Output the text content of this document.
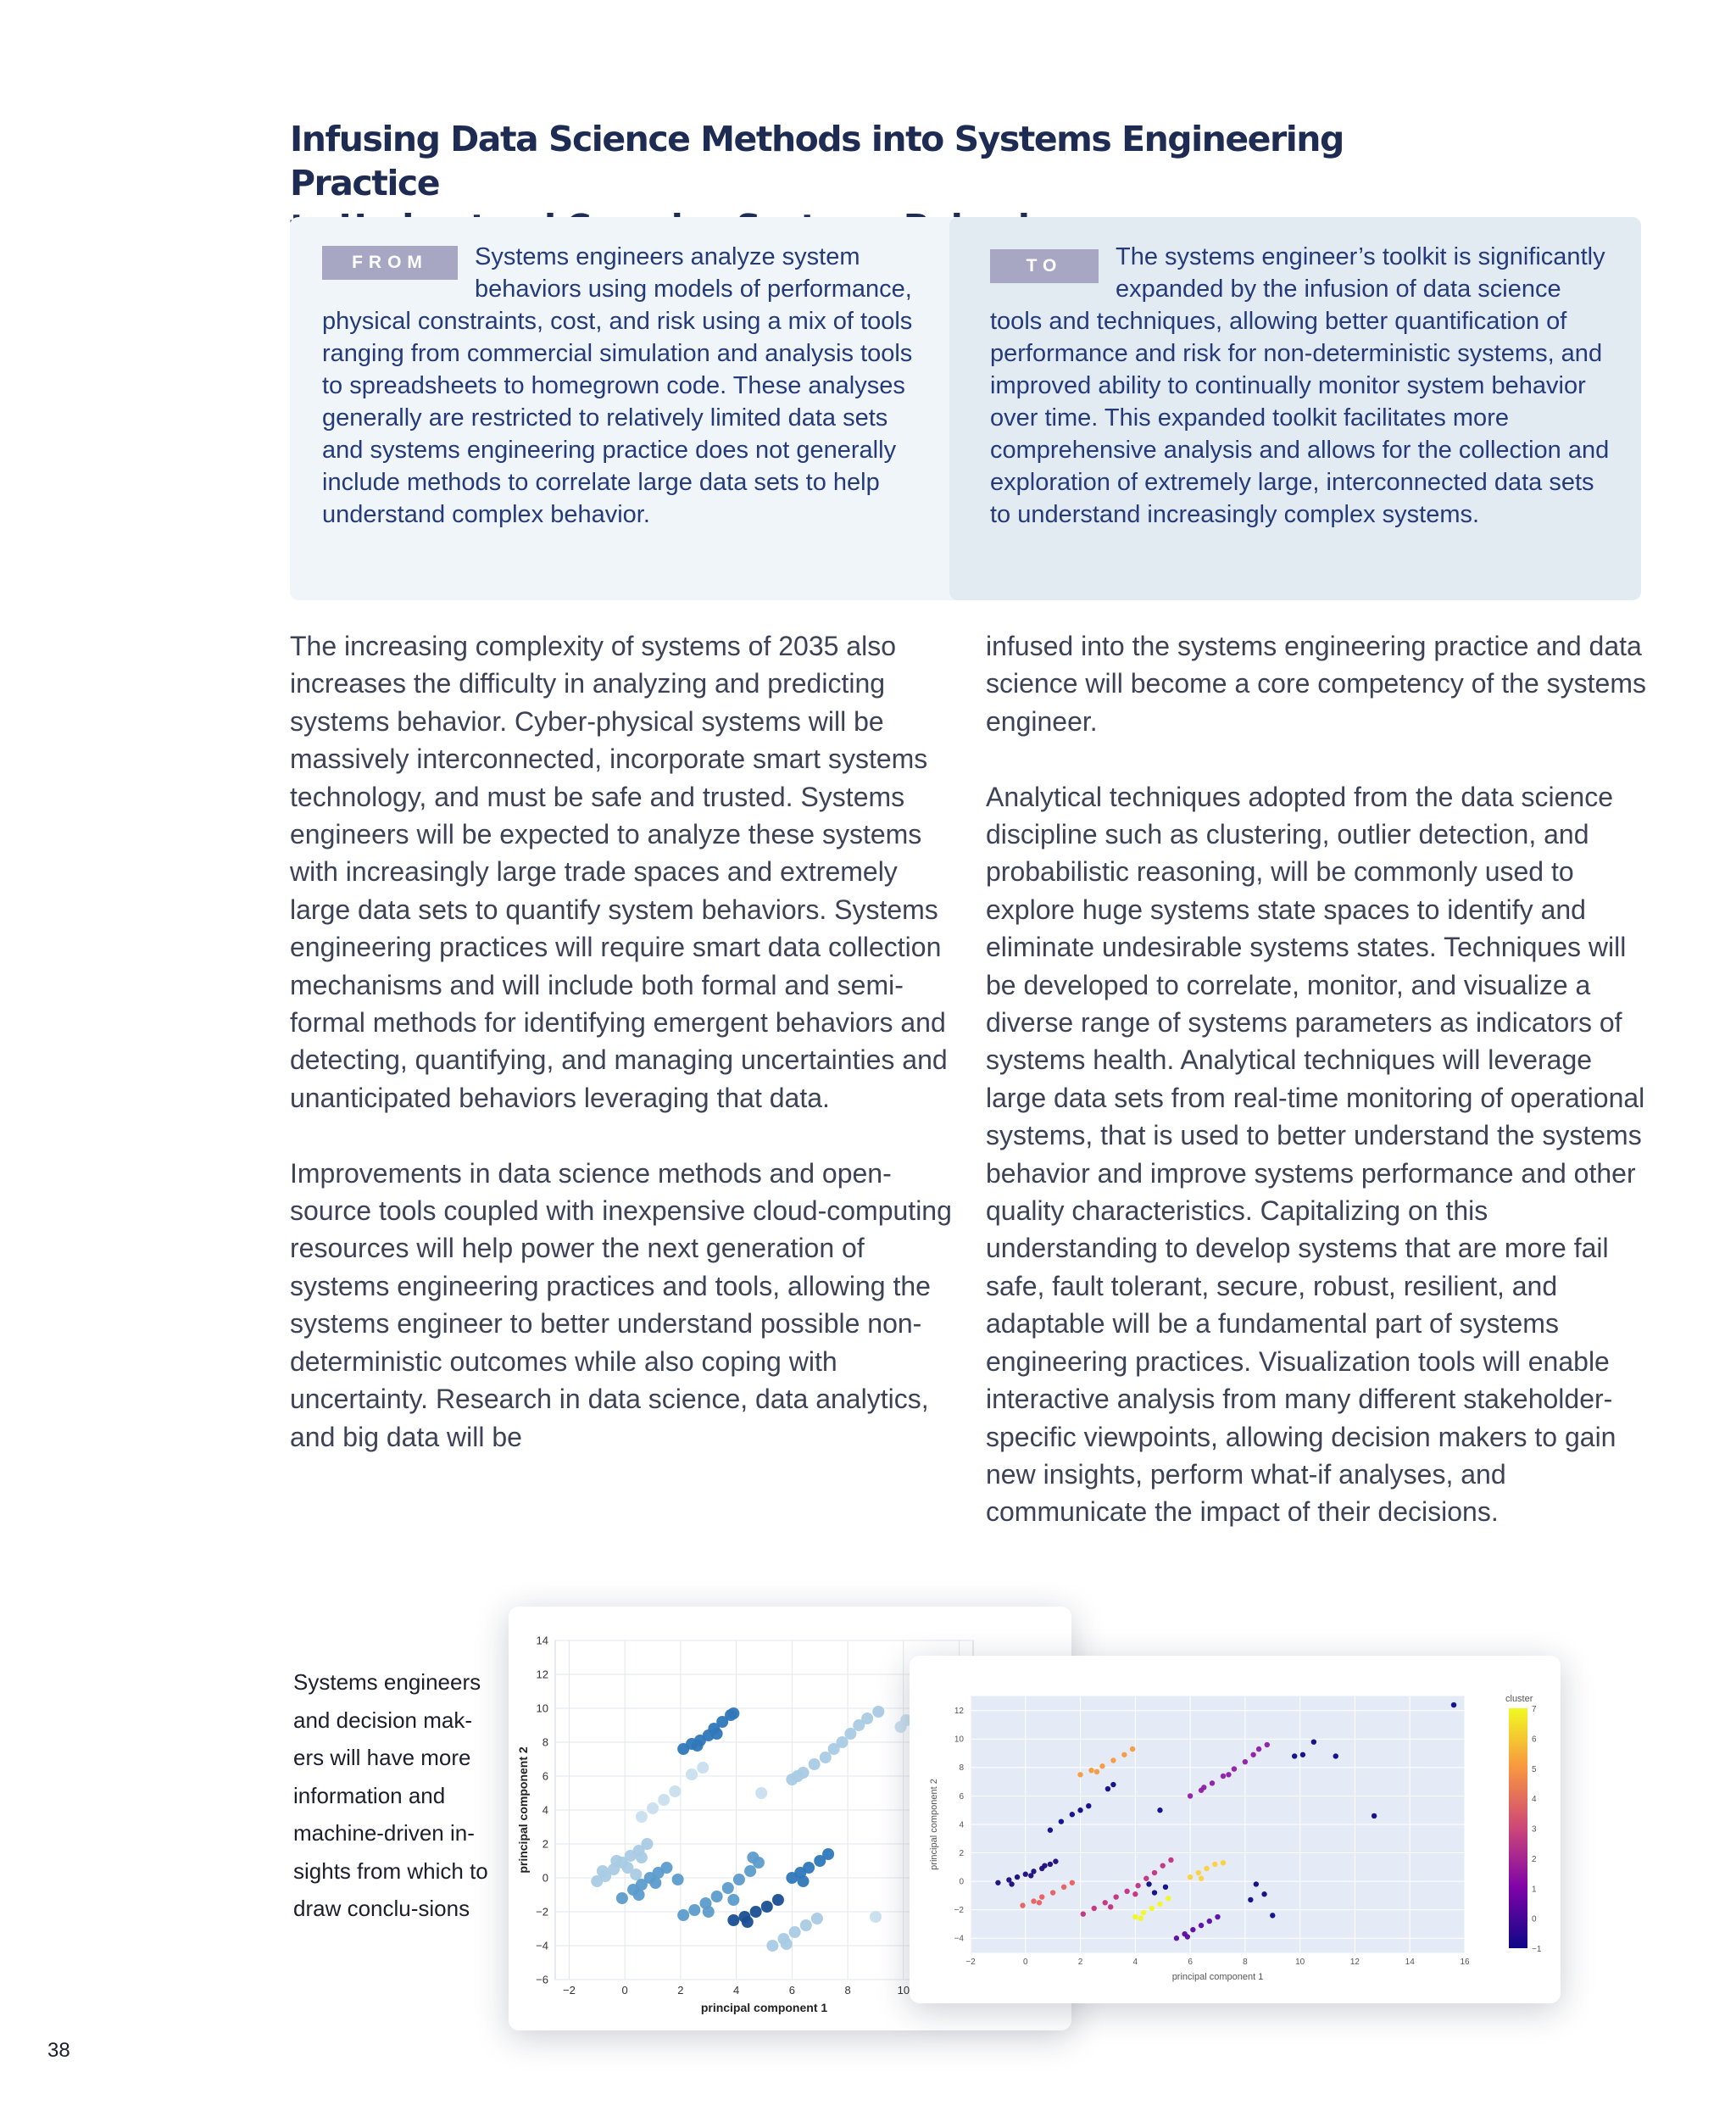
Infusing Data Science Methods into Systems Engineering Practice
FROM	Systems engineers analyze system behaviors using models of performance, physical constraints, cost, and risk using a mix of tools ranging from commercial simulation and analysis tools to spreadsheets to homegrown code. These analyses generally are restricted to relatively limited data sets and systems engineering practice does not generally include methods to correlate large data sets to help understand complex behavior.
TO	The systems engineer’s toolkit is significantly expanded by the infusion of data science tools and techniques, allowing better quantification of performance and risk for non-deterministic systems, and improved ability to continually monitor system behavior over time. This expanded toolkit facilitates more comprehensive analysis and allows for the collection and exploration of extremely large, interconnected data sets to understand increasingly complex systems.

The increasing complexity of systems of 2035 also increases the difficulty in analyzing and predicting systems behavior. Cyber-physical systems will be massively interconnected, incorporate smart systems technology, and must be safe and trusted. Systems engineers will be expected to analyze these systems with increasingly large trade spaces and extremely large data sets to quantify system behaviors. Systems engineering practices will require smart data collection mechanisms and will include both formal and semi-formal methods for identifying emergent behaviors and detecting, quantifying, and managing uncertainties and unanticipated behaviors leveraging that data.

Improvements in data science methods and open-source tools coupled with inexpensive cloud-computing resources will help power the next generation of systems engineering practices and tools, allowing the systems engineer to better understand possible non-deterministic outcomes while also coping with uncertainty. Research in data science, data analytics, and big data will be

infused into the systems engineering practice and data science will become a core competency of the systems engineer.

Analytical techniques adopted from the data science discipline such as clustering, outlier detection, and probabilistic reasoning, will be commonly used to explore huge systems state spaces to identify and eliminate undesirable systems states. Techniques will be developed to correlate, monitor, and visualize a diverse range of systems parameters as indicators of systems health. Analytical techniques will leverage large data sets from real-time monitoring of operational systems, that is used to better understand the systems behavior and improve systems performance and other quality characteristics. Capitalizing on this understanding to develop systems that are more fail safe, fault tolerant, secure, robust, resilient, and adaptable will be a fundamental part of systems engineering practices. Visualization tools will enable interactive analysis from many different stakeholder-specific viewpoints, allowing decision makers to gain new insights, perform what-if analyses, and communicate the impact of their decisions.

Systems engineers and decision mak-ers will have more information and machine-driven in-sights from which to draw conclu-sions
−2	0	2	4	6	8	10
−6
−4
−2
0
2
4
6
8
10
12
14
principal component 1
principal component 2
−2	0	2	4	6	8	10	12	14	16
−4
−2
0
2
4
6
8
10
12
principal component 1
principal component 2
cluster
−1
0
1
2
3
4
5
6
7
38
